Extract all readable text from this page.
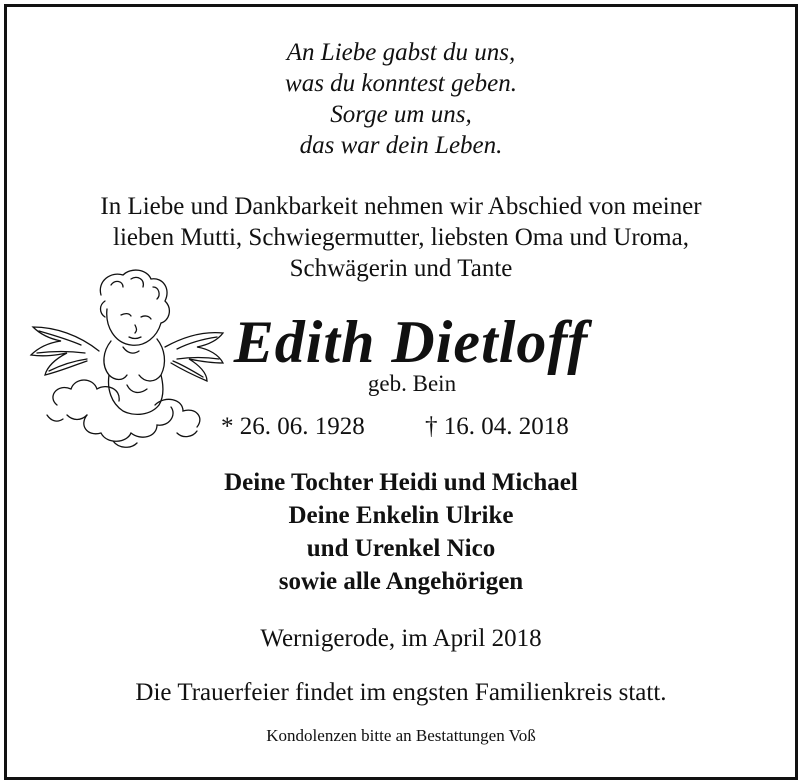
An Liebe gabst du uns,
was du konntest geben.
Sorge um uns,
das war dein Leben.
In Liebe und Dankbarkeit nehmen wir Abschied von meiner
lieben Mutti, Schwiegermutter, liebsten Oma und Uroma,
Schwägerin und Tante
Edith Dietloff
geb. Bein
* 26. 06. 1928 † 16. 04. 2018
Deine Tochter Heidi und Michael
Deine Enkelin Ulrike
und Urenkel Nico
sowie alle Angehörigen
Wernigerode, im April 2018
Die Trauerfeier findet im engsten Familienkreis statt.
Kondolenzen bitte an Bestattungen Voß
